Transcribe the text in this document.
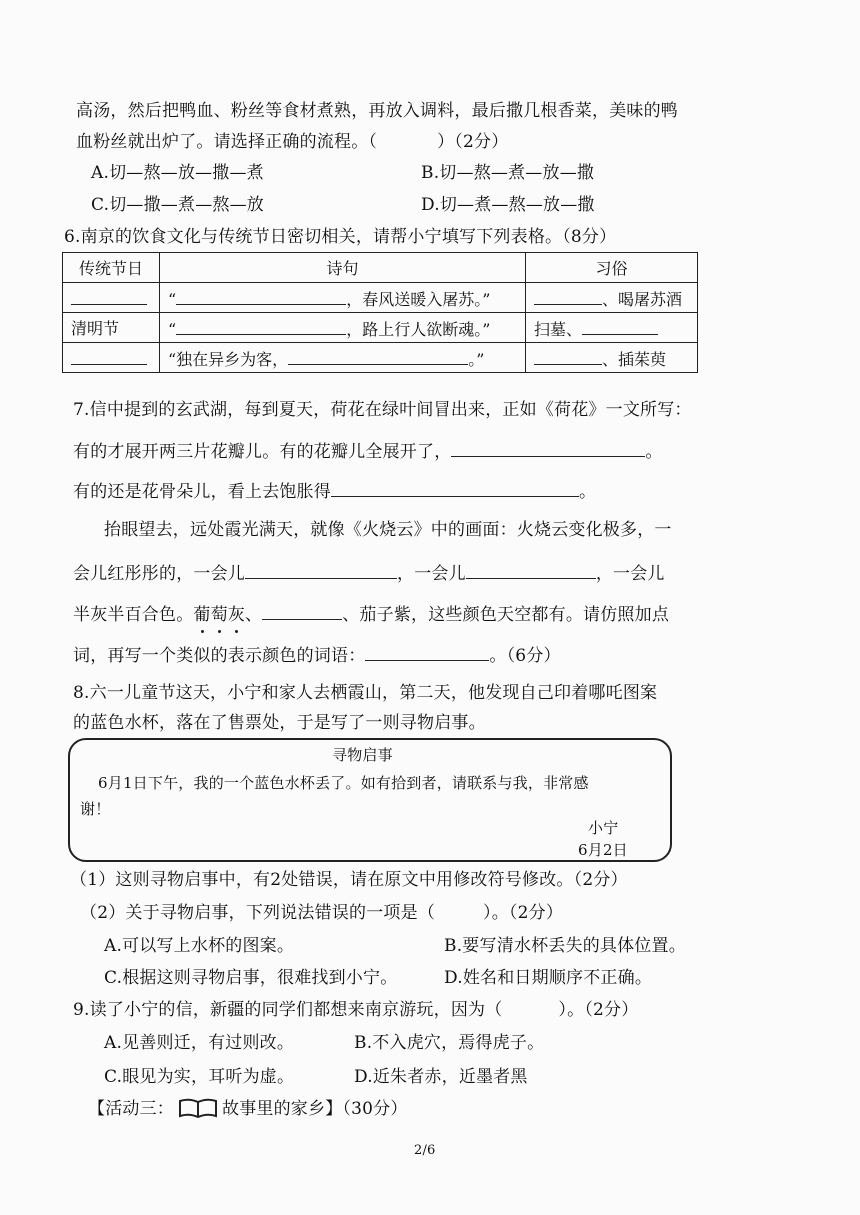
高汤，然后把鸭血、粉丝等食材煮熟，再放入调料，最后撒几根香菜，美味的鸭
血粉丝就出炉了。请选择正确的流程。（	）（2分）
A.切—熬—放—撒—煮	B.切—熬—煮—放—撒
C.切—撒—煮—熬—放	D.切—煮—熬—放—撒
6.南京的饮食文化与传统节日密切相关，请帮小宁填写下列表格。（8分）
传统节日	诗句	习俗
	“ ，春风送暖入屠苏。”	、喝屠苏酒
清明节	“ ，路上行人欲断魂。”	扫墓、
	“独在异乡为客， 。”	、插茱萸
7.信中提到的玄武湖，每到夏天，荷花在绿叶间冒出来，正如《荷花》一文所写：
有的才展开两三片花瓣儿。有的花瓣儿全展开了，	。
有的还是花骨朵儿，看上去饱胀得	。
抬眼望去，远处霞光满天，就像《火烧云》中的画面：火烧云变化极多，一
会儿红彤彤的，一会儿	，一会儿	，一会儿
半灰半百合色。葡萄灰、	、茄子紫，这些颜色天空都有。请仿照加点
词，再写一个类似的表示颜色的词语：	。（6分）
8.六一儿童节这天，小宁和家人去栖霞山，第二天，他发现自己印着哪吒图案
的蓝色水杯，落在了售票处，于是写了一则寻物启事。
寻物启事
6月1日下午，我的一个蓝色水杯丢了。如有拾到者，请联系与我，非常感
谢！
小宁
6月2日
（1）这则寻物启事中，有2处错误，请在原文中用修改符号修改。（2分）
（2）关于寻物启事，下列说法错误的一项是（	）。（2分）
A.可以写上水杯的图案。	B.要写清水杯丢失的具体位置。
C.根据这则寻物启事，很难找到小宁。	D.姓名和日期顺序不正确。
9.读了小宁的信，新疆的同学们都想来南京游玩，因为（	）。（2分）
A.见善则迁，有过则改。	B.不入虎穴，焉得虎子。
C.眼见为实，耳听为虚。	D.近朱者赤，近墨者黑
【活动三：	故事里的家乡】（30分）
2/6
